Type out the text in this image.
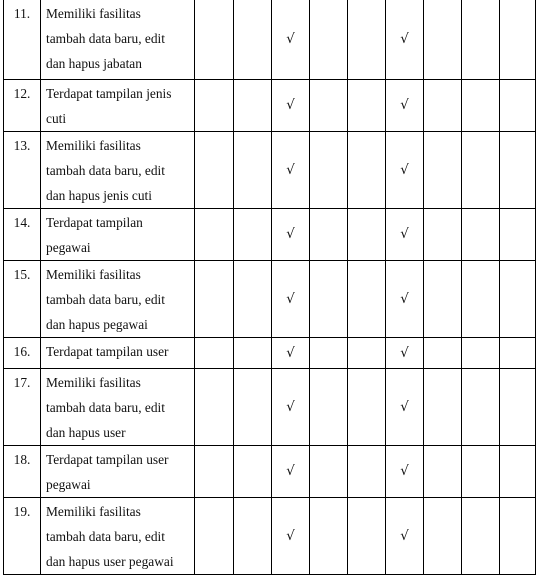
11.	Memiliki fasilitas
tambah data baru, edit
dan hapus jabatan			√			√			
12.	Terdapat tampilan jenis
cuti			√			√			
13.	Memiliki fasilitas
tambah data baru, edit
dan hapus jenis cuti			√			√			
14.	Terdapat tampilan
pegawai			√			√			
15.	Memiliki fasilitas
tambah data baru, edit
dan hapus pegawai			√			√			
16.	Terdapat tampilan user			√			√			
17.	Memiliki fasilitas
tambah data baru, edit
dan hapus user			√			√			
18.	Terdapat tampilan user
pegawai			√			√			
19.	Memiliki fasilitas
tambah data baru, edit
dan hapus user pegawai			√			√			
